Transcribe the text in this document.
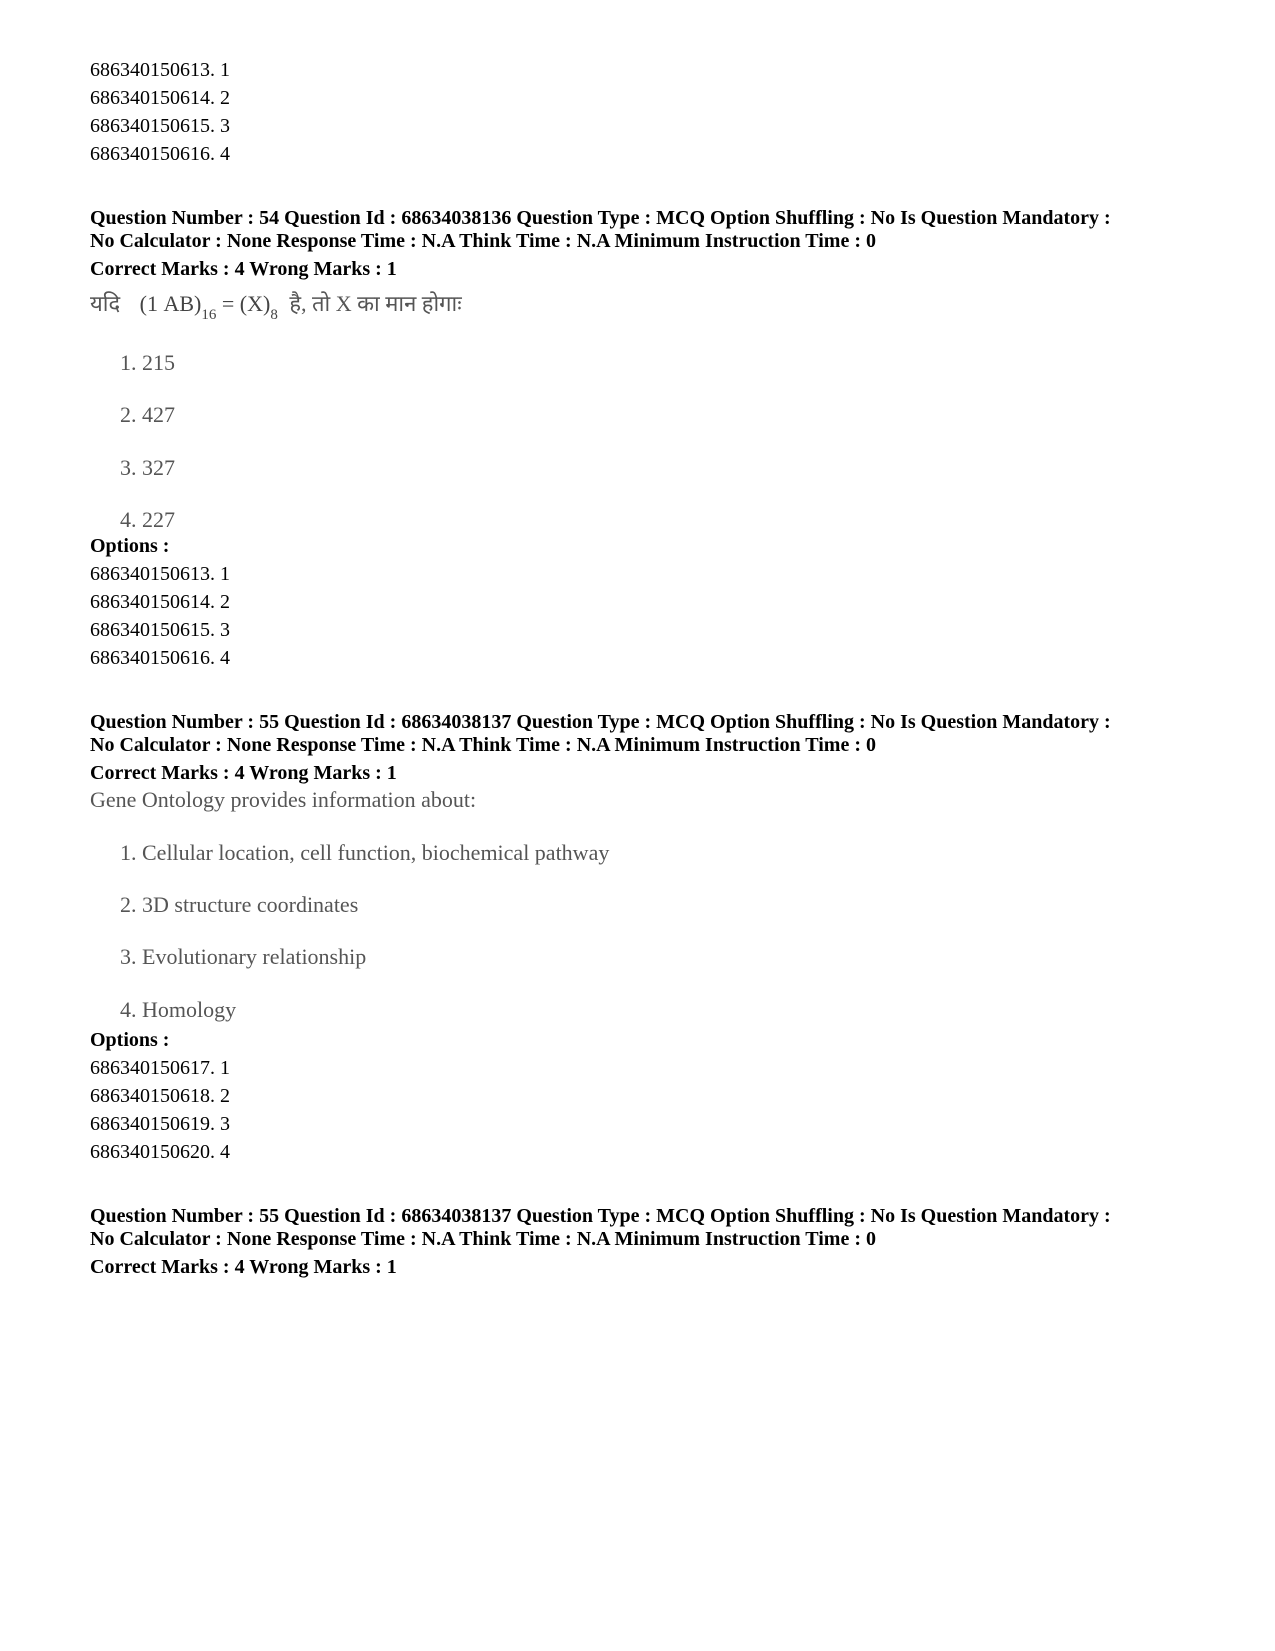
686340150613. 1
686340150614. 2
686340150615. 3
686340150616. 4
Question Number : 54 Question Id : 68634038136 Question Type : MCQ Option Shuffling : No Is Question Mandatory :
No Calculator : None Response Time : N.A Think Time : N.A Minimum Instruction Time : 0
Correct Marks : 4 Wrong Marks : 1
यदि (1 $AB)_{16} = (X)_8$ है, तो X का मान होगाः
1. 215
2. 427
3. 327
4. 227
Options :
686340150613. 1
686340150614. 2
686340150615. 3
686340150616. 4
Question Number : 55 Question Id : 68634038137 Question Type : MCQ Option Shuffling : No Is Question Mandatory :
No Calculator : None Response Time : N.A Think Time : N.A Minimum Instruction Time : 0
Correct Marks : 4 Wrong Marks : 1
Gene Ontology provides information about:
1. Cellular location, cell function, biochemical pathway
2. 3D structure coordinates
3. Evolutionary relationship
4. Homology
Options :
686340150617. 1
686340150618. 2
686340150619. 3
686340150620. 4
Question Number : 55 Question Id : 68634038137 Question Type : MCQ Option Shuffling : No Is Question Mandatory :
No Calculator : None Response Time : N.A Think Time : N.A Minimum Instruction Time : 0
Correct Marks : 4 Wrong Marks : 1
